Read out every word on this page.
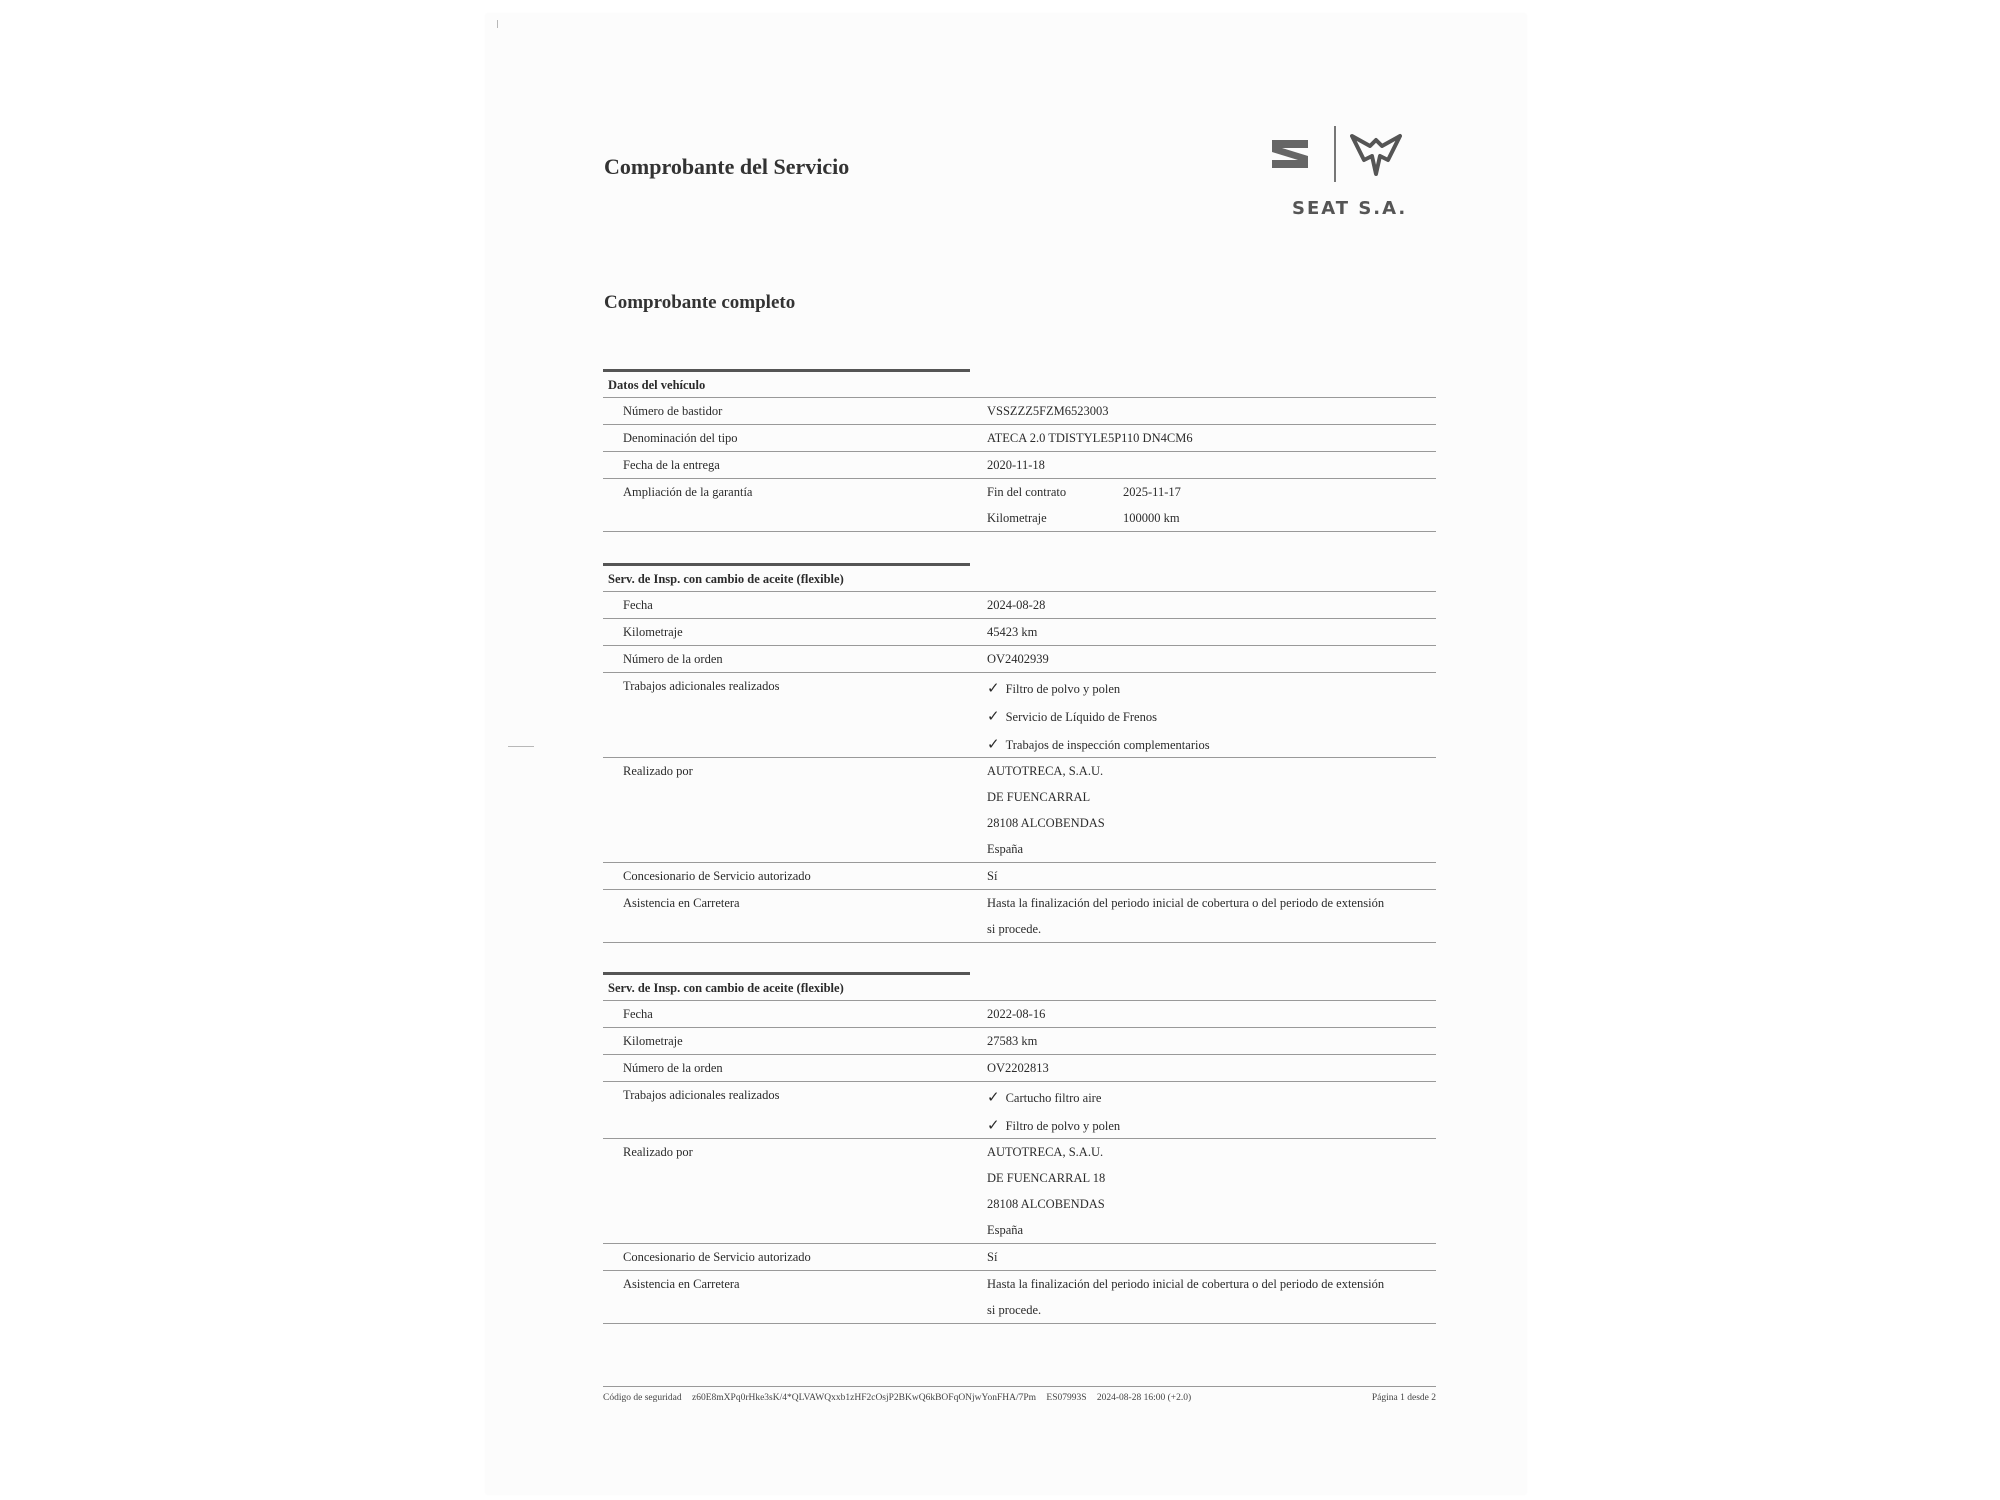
Comprobante del Servicio
SEAT S.A.
Comprobante completo
Datos del vehículo
Número de bastidor	VSSZZZ5FZM6523003
Denominación del tipo	ATECA 2.0 TDISTYLE5P110 DN4CM6
Fecha de la entrega	2020-11-18
Ampliación de la garantía	Fin del contrato	2025-11-17
Kilometraje	100000 km
Serv. de Insp. con cambio de aceite (flexible)
Fecha	2024-08-28
Kilometraje	45423 km
Número de la orden	OV2402939
Trabajos adicionales realizados	✓ Filtro de polvo y polen
✓ Servicio de Líquido de Frenos
✓ Trabajos de inspección complementarios
Realizado por	AUTOTRECA, S.A.U.
DE FUENCARRAL
28108 ALCOBENDAS
España
Concesionario de Servicio autorizado	Sí
Asistencia en Carretera	Hasta la finalización del periodo inicial de cobertura o del periodo de extensión
si procede.
Serv. de Insp. con cambio de aceite (flexible)
Fecha	2022-08-16
Kilometraje	27583 km
Número de la orden	OV2202813
Trabajos adicionales realizados	✓ Cartucho filtro aire
✓ Filtro de polvo y polen
Realizado por	AUTOTRECA, S.A.U.
DE FUENCARRAL 18
28108 ALCOBENDAS
España
Concesionario de Servicio autorizado	Sí
Asistencia en Carretera	Hasta la finalización del periodo inicial de cobertura o del periodo de extensión
si procede.
Código de seguridad z60E8mXPq0rHke3sK/4*QLVAWQxxb1zHF2cOsjP2BKwQ6kBOFqONjwYonFHA/7Pm ES07993S 2024-08-28 16:00 (+2.0)	Página 1 desde 2
